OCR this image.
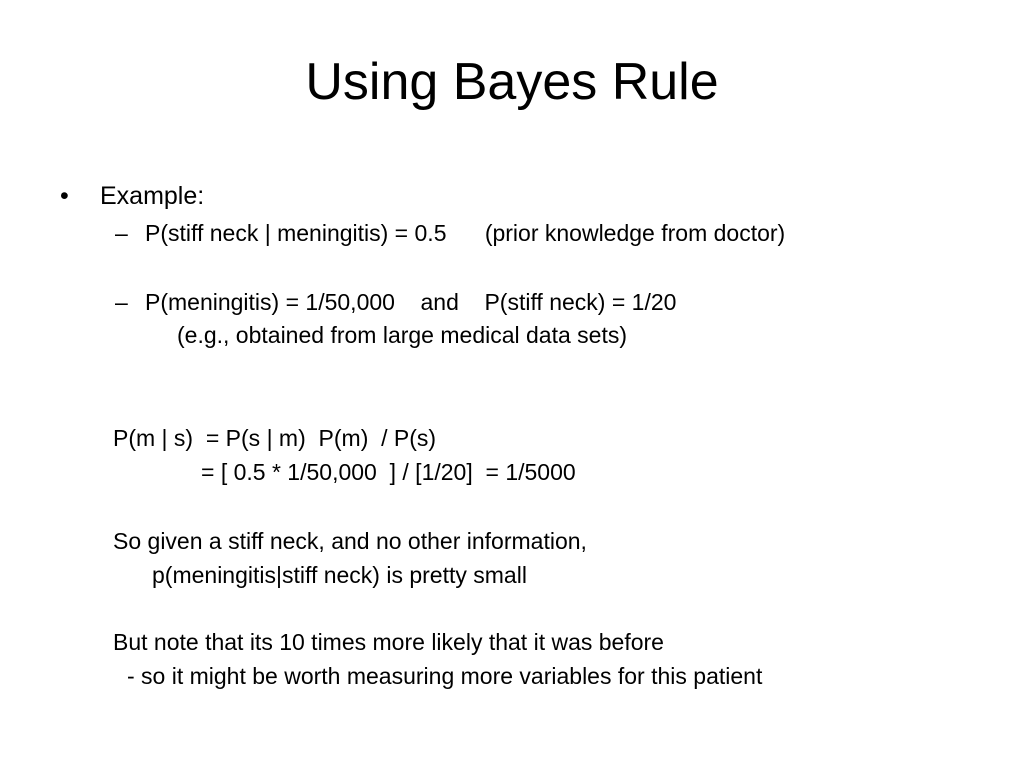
Using Bayes Rule
• Example:
– P(stiff neck | meningitis) = 0.5      (prior knowledge from doctor)
– P(meningitis) = 1/50,000    and    P(stiff neck) = 1/20
(e.g., obtained from large medical data sets)
P(m | s)  = P(s | m)  P(m)  / P(s)
= [ 0.5 * 1/50,000  ] / [1/20]  = 1/5000
So given a stiff neck, and no other information,
p(meningitis|stiff neck) is pretty small
But note that its 10 times more likely that it was before
- so it might be worth measuring more variables for this patient
